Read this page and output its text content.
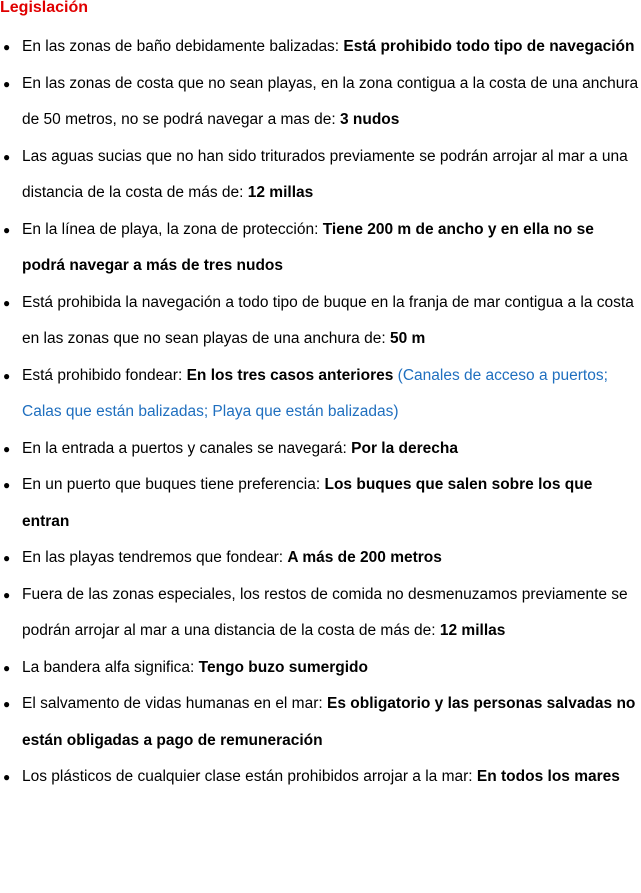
Legislación
● En las zonas de baño debidamente balizadas: Está prohibido todo tipo de navegación
● En las zonas de costa que no sean playas, en la zona contigua a la costa de una anchura de 50 metros, no se podrá navegar a mas de: 3 nudos
● Las aguas sucias que no han sido triturados previamente se podrán arrojar al mar a una distancia de la costa de más de: 12 millas
● En la línea de playa, la zona de protección: Tiene 200 m de ancho y en ella no se podrá navegar a más de tres nudos
● Está prohibida la navegación a todo tipo de buque en la franja de mar contigua a la costa en las zonas que no sean playas de una anchura de: 50 m
● Está prohibido fondear: En los tres casos anteriores (Canales de acceso a puertos; Calas que están balizadas; Playa que están balizadas)
● En la entrada a puertos y canales se navegará: Por la derecha
● En un puerto que buques tiene preferencia: Los buques que salen sobre los que entran
● En las playas tendremos que fondear: A más de 200 metros
● Fuera de las zonas especiales, los restos de comida no desmenuzamos previamente se podrán arrojar al mar a una distancia de la costa de más de: 12 millas
● La bandera alfa significa: Tengo buzo sumergido
● El salvamento de vidas humanas en el mar: Es obligatorio y las personas salvadas no están obligadas a pago de remuneración
● Los plásticos de cualquier clase están prohibidos arrojar a la mar: En todos los mares
